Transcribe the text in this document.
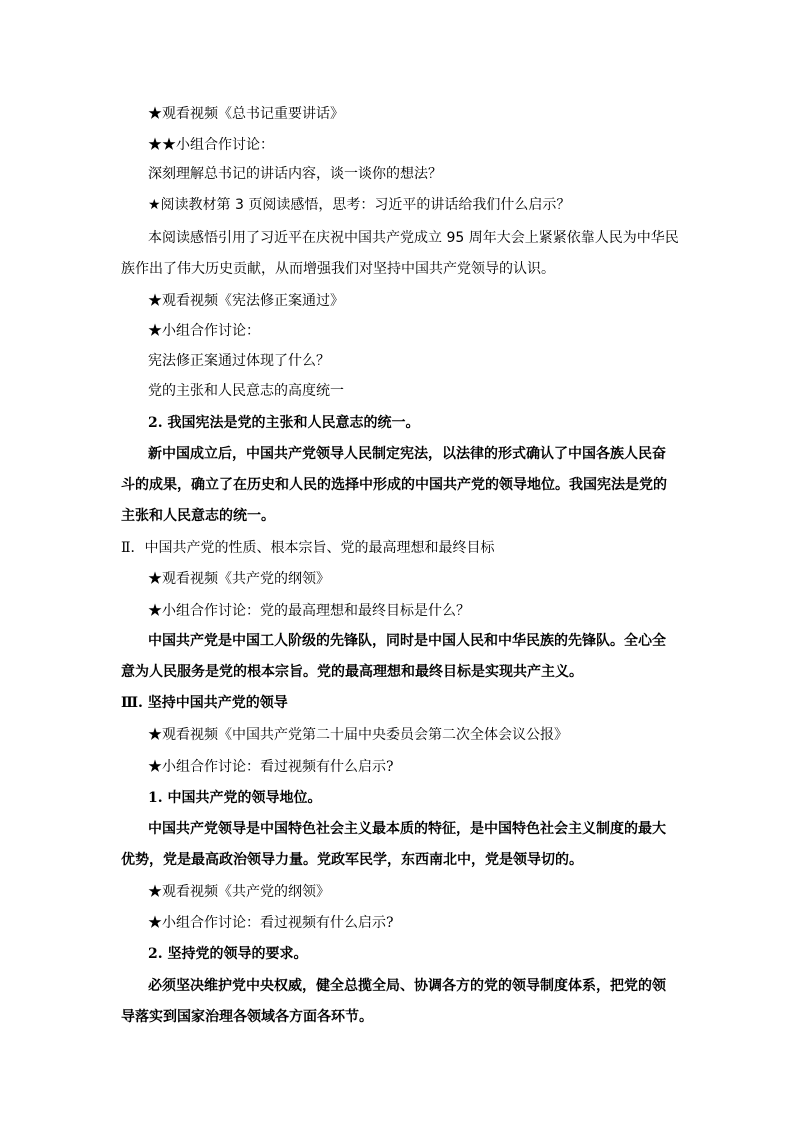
★观看视频《总书记重要讲话》
★★小组合作讨论：
深刻理解总书记的讲话内容，谈一谈你的想法？
★阅读教材第 3 页阅读感悟，思考：习近平的讲话给我们什么启示？
本阅读感悟引用了习近平在庆祝中国共产党成立 95 周年大会上紧紧依靠人民为中华民
族作出了伟大历史贡献，从而增强我们对坚持中国共产党领导的认识。
★观看视频《宪法修正案通过》
★小组合作讨论：
宪法修正案通过体现了什么？
党的主张和人民意志的高度统一
2. 我国宪法是党的主张和人民意志的统一。
新中国成立后，中国共产党领导人民制定宪法，以法律的形式确认了中国各族人民奋
斗的成果，确立了在历史和人民的选择中形成的中国共产党的领导地位。我国宪法是党的
主张和人民意志的统一。
Ⅱ．中国共产党的性质、根本宗旨、党的最高理想和最终目标
★观看视频《共产党的纲领》
★小组合作讨论：党的最高理想和最终目标是什么？
中国共产党是中国工人阶级的先锋队，同时是中国人民和中华民族的先锋队。全心全
意为人民服务是党的根本宗旨。党的最高理想和最终目标是实现共产主义。
Ⅲ. 坚持中国共产党的领导
★观看视频《中国共产党第二十届中央委员会第二次全体会议公报》
★小组合作讨论：看过视频有什么启示?
1. 中国共产党的领导地位。
中国共产党领导是中国特色社会主义最本质的特征，是中国特色社会主义制度的最大
优势，党是最高政治领导力量。党政军民学，东西南北中，党是领导切的。
★观看视频《共产党的纲领》
★小组合作讨论：看过视频有什么启示?
2. 坚持党的领导的要求。
必须坚决维护党中央权威，健全总揽全局、协调各方的党的领导制度体系，把党的领
导落实到国家治理各领域各方面各环节。
